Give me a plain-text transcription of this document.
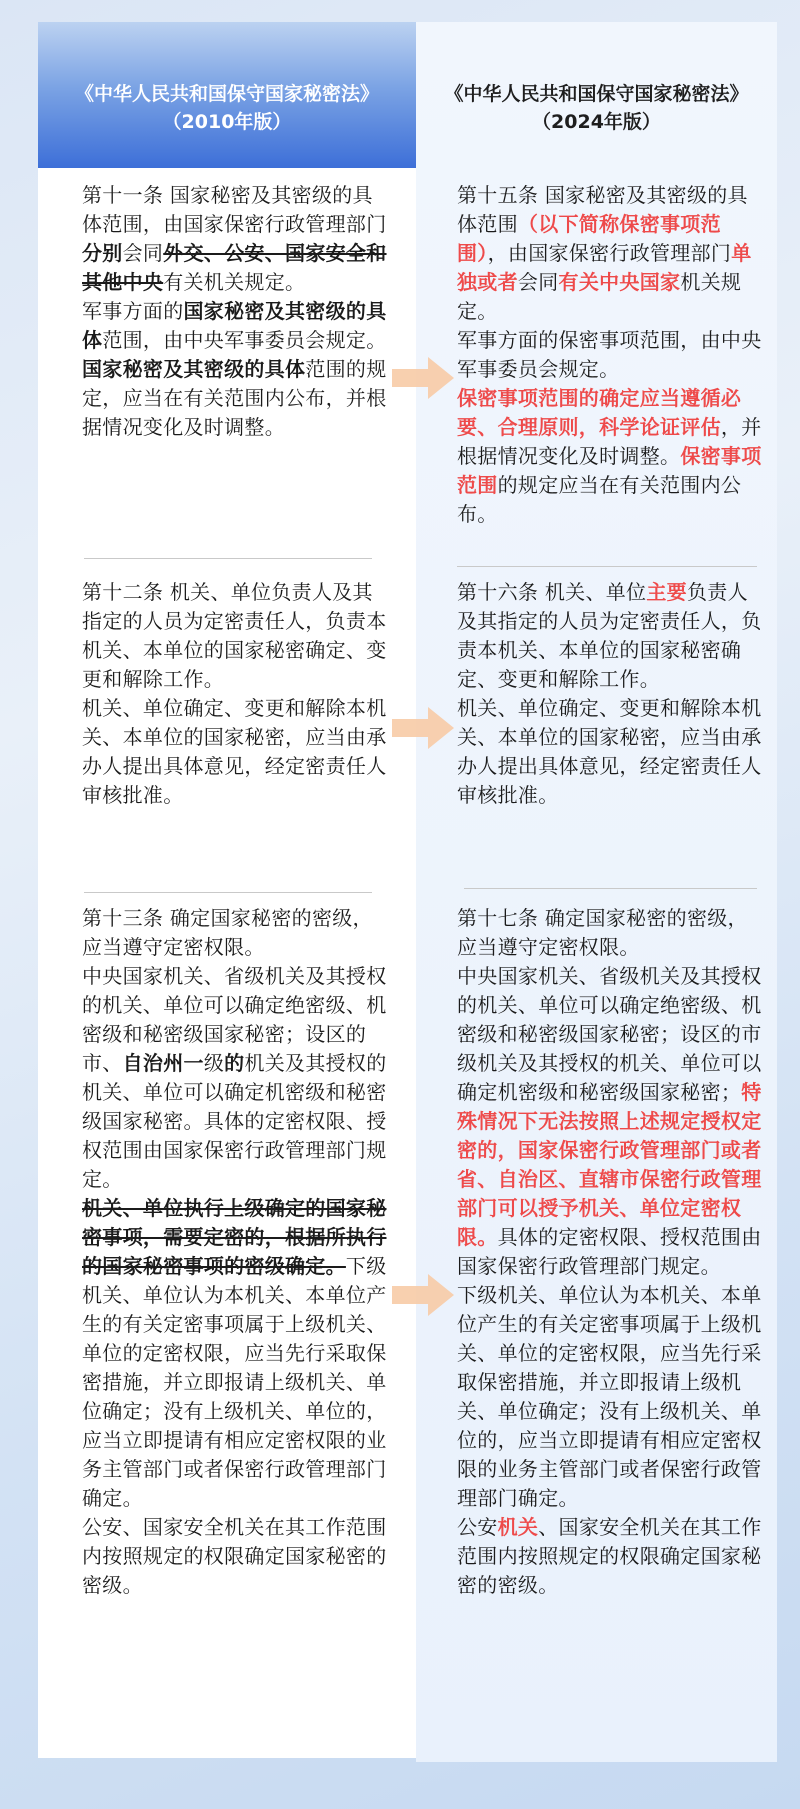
《中华人民共和国保守国家秘密法》
（2010年版）
《中华人民共和国保守国家秘密法》
（2024年版）

第十一条 国家秘密及其密级的具体范围，由国家保密行政管理部门分别会同外交、公安、国家安全和其他中央有关机关规定。

军事方面的国家秘密及其密级的具体范围，由中央军事委员会规定。

国家秘密及其密级的具体范围的规定，应当在有关范围内公布，并根据情况变化及时调整。

第十五条 国家秘密及其密级的具体范围（以下简称保密事项范围），由国家保密行政管理部门单独或者会同有关中央国家机关规定。

军事方面的保密事项范围，由中央军事委员会规定。

保密事项范围的确定应当遵循必要、合理原则，科学论证评估，并根据情况变化及时调整。保密事项范围的规定应当在有关范围内公布。

第十二条 机关、单位负责人及其指定的人员为定密责任人，负责本机关、本单位的国家秘密确定、变更和解除工作。

机关、单位确定、变更和解除本机关、本单位的国家秘密，应当由承办人提出具体意见，经定密责任人审核批准。

第十六条 机关、单位主要负责人及其指定的人员为定密责任人，负责本机关、本单位的国家秘密确定、变更和解除工作。

机关、单位确定、变更和解除本机关、本单位的国家秘密，应当由承办人提出具体意见，经定密责任人审核批准。

第十三条 确定国家秘密的密级，应当遵守定密权限。

中央国家机关、省级机关及其授权的机关、单位可以确定绝密级、机密级和秘密级国家秘密；设区的市、自治州一级的机关及其授权的机关、单位可以确定机密级和秘密级国家秘密。具体的定密权限、授权范围由国家保密行政管理部门规定。

机关、单位执行上级确定的国家秘密事项，需要定密的，根据所执行的国家秘密事项的密级确定。下级机关、单位认为本机关、本单位产生的有关定密事项属于上级机关、单位的定密权限，应当先行采取保密措施，并立即报请上级机关、单位确定；没有上级机关、单位的，应当立即提请有相应定密权限的业务主管部门或者保密行政管理部门确定。

公安、国家安全机关在其工作范围内按照规定的权限确定国家秘密的密级。

第十七条 确定国家秘密的密级，应当遵守定密权限。

中央国家机关、省级机关及其授权的机关、单位可以确定绝密级、机密级和秘密级国家秘密；设区的市级机关及其授权的机关、单位可以确定机密级和秘密级国家秘密；特殊情况下无法按照上述规定授权定密的，国家保密行政管理部门或者省、自治区、直辖市保密行政管理部门可以授予机关、单位定密权限。具体的定密权限、授权范围由国家保密行政管理部门规定。

下级机关、单位认为本机关、本单位产生的有关定密事项属于上级机关、单位的定密权限，应当先行采取保密措施，并立即报请上级机关、单位确定；没有上级机关、单位的，应当立即提请有相应定密权限的业务主管部门或者保密行政管理部门确定。

公安机关、国家安全机关在其工作范围内按照规定的权限确定国家秘密的密级。
